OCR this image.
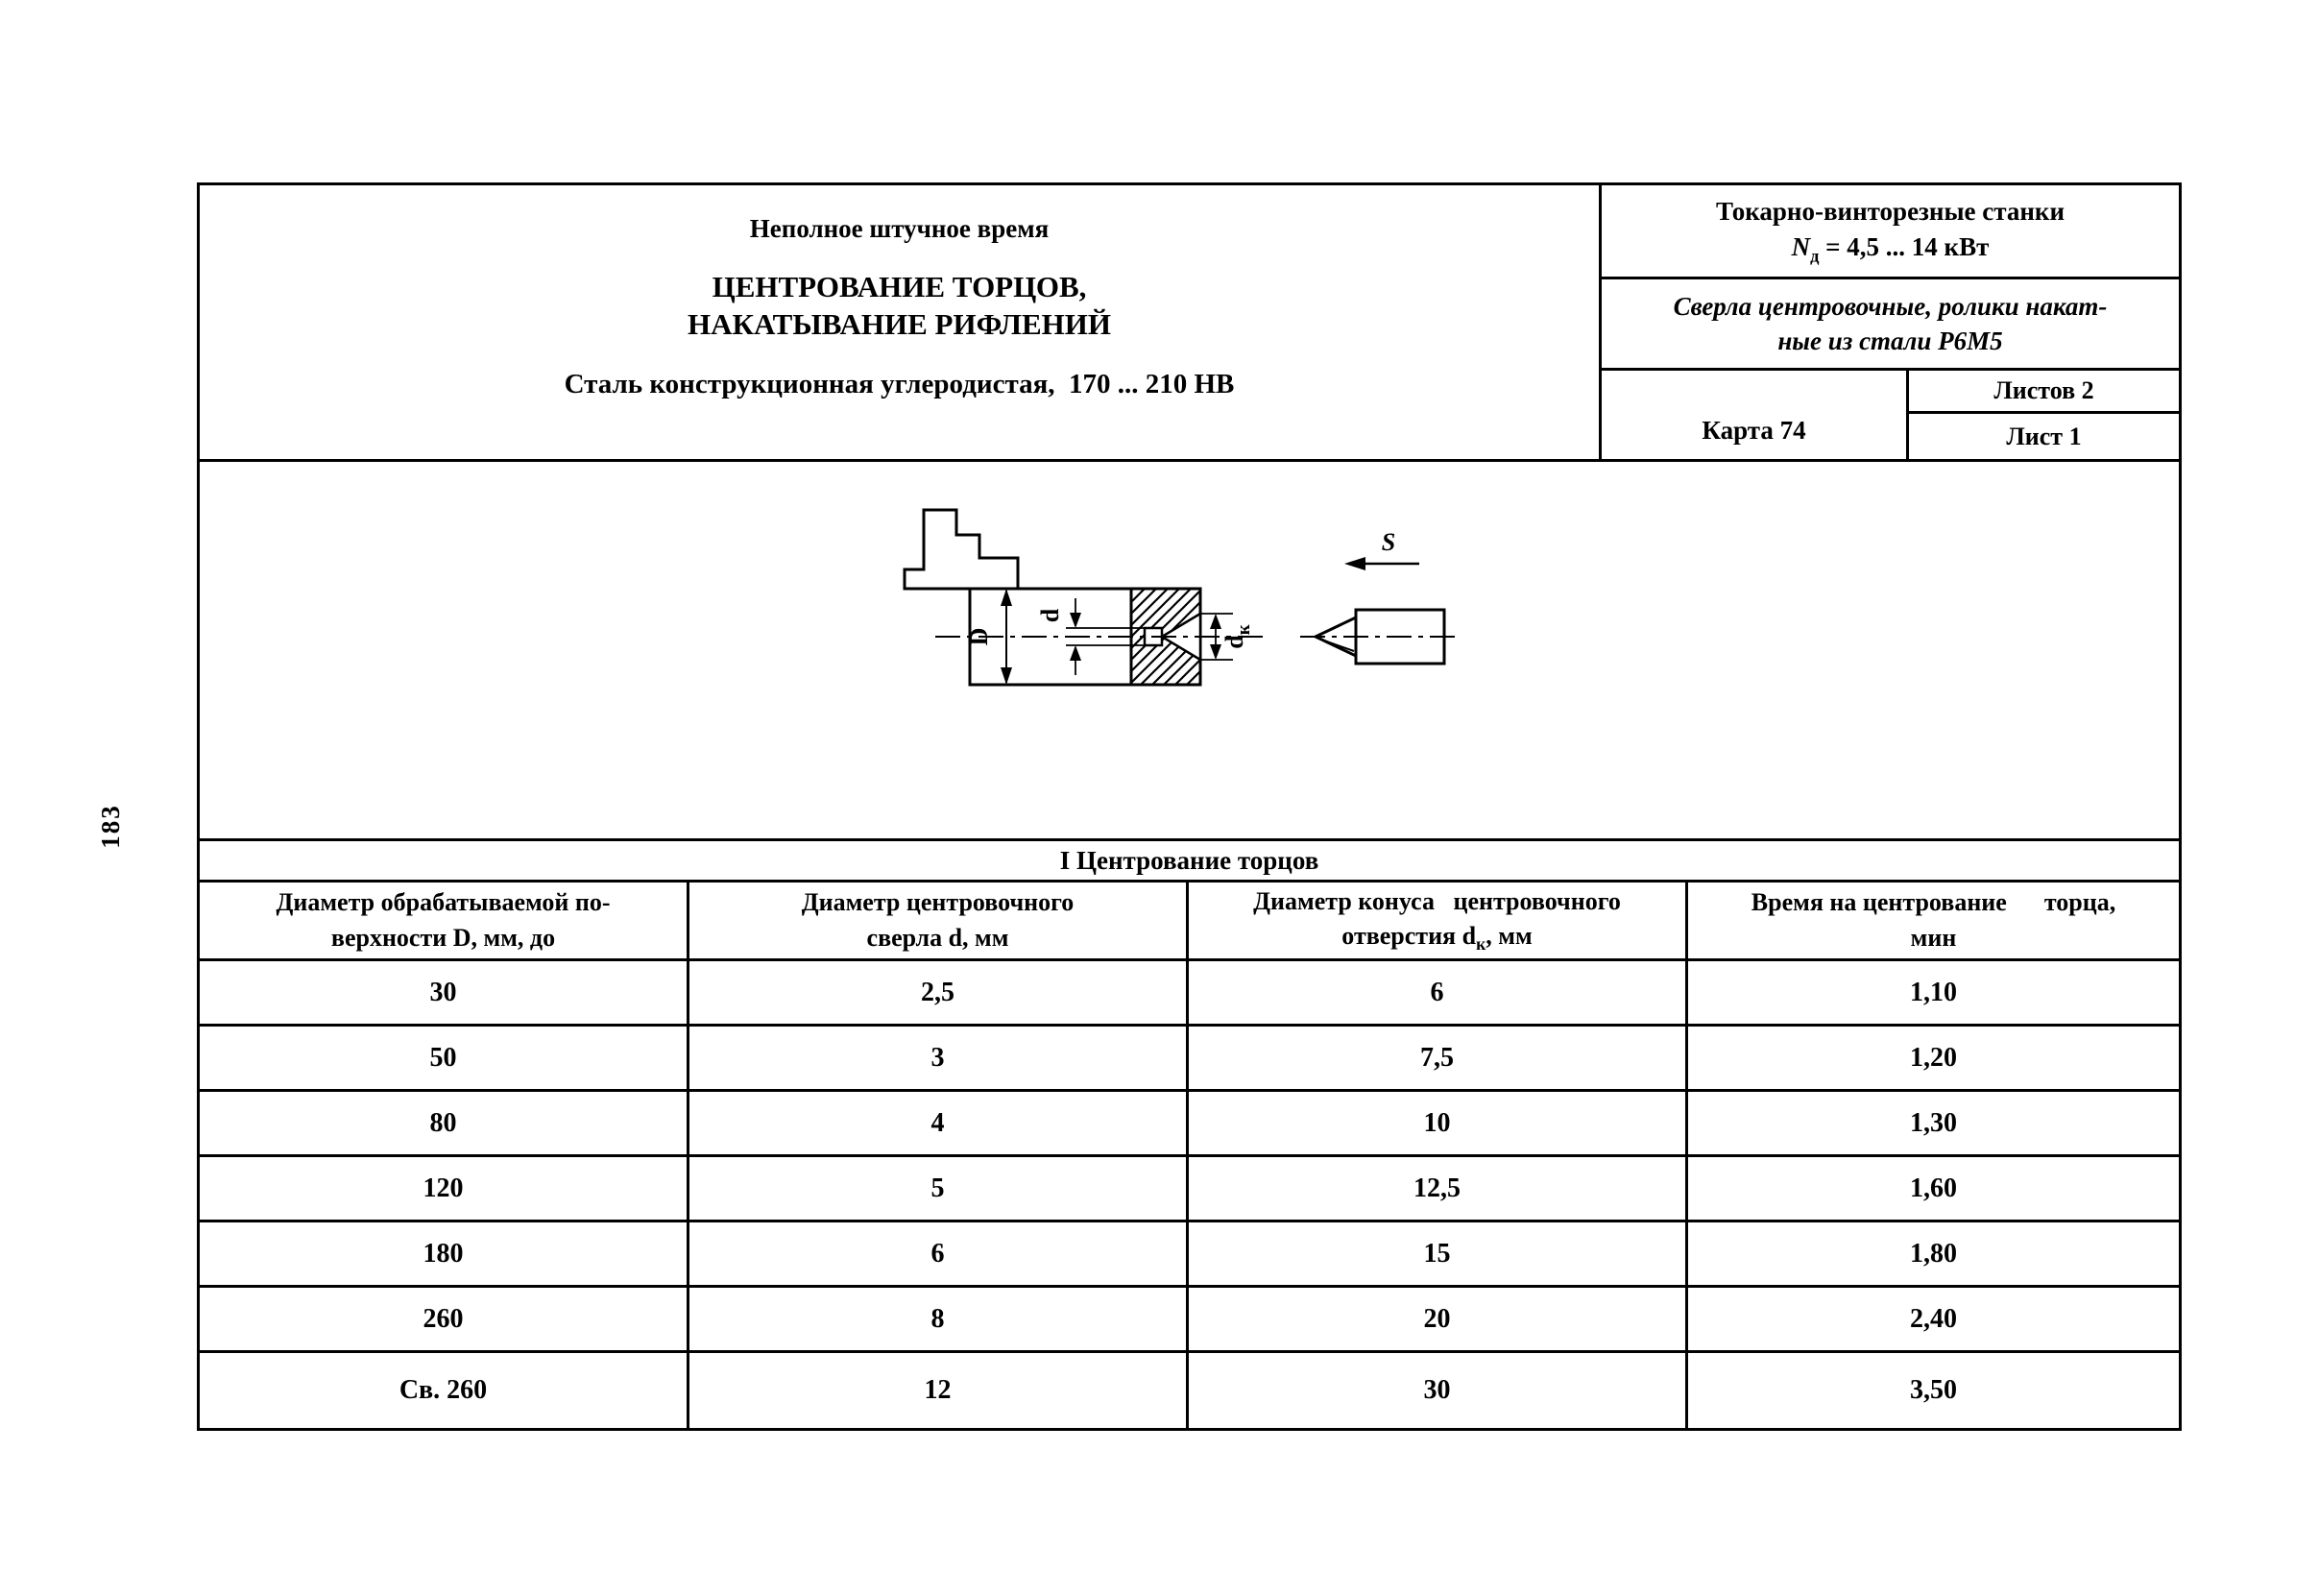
183
Неполное штучное время
ЦЕНТРОВАНИЕ ТОРЦОВ,
НАКАТЫВАНИЕ РИФЛЕНИЙ
Сталь конструкционная углеродистая,  170 ... 210 НВ
Токарно-винторезные станки
$N_д = 4,5$ ... 14 кВт
Сверла центровочные, ролики накат-
ные из стали Р6М5
Карта 74
Листов 2
Лист 1
D
d
$d_к$
S
I Центрование торцов
Диаметр обрабатываемой по-
верхности D, мм, до
Диаметр центровочного
сверла d, мм
Диаметр конуса   центровочного
отверстия $d_к$, мм
Время на центрование      торца,
мин
30	2,5	6	1,10
50	3	7,5	1,20
80	4	10	1,30
120	5	12,5	1,60
180	6	15	1,80
260	8	20	2,40
Св. 260	12	30	3,50
